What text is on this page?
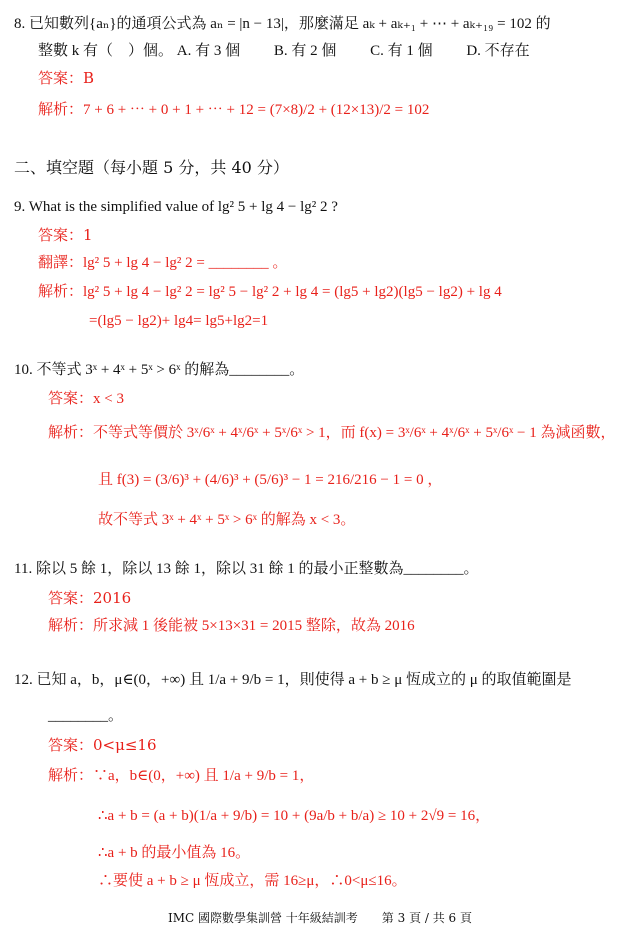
8. 已知數列{aₙ}的通項公式為 aₙ = |n − 13|，那麼滿足 aₖ + aₖ₊₁ + ⋯ + aₖ₊₁₉ = 102 的
整數 k 有（　）個。 A. 有 3 個　　 B. 有 2 個　　 C. 有 1 個　　 D. 不存在
答案：B
解析：7 + 6 + ⋯ + 0 + 1 + ⋯ + 12 = (7×8)/2 + (12×13)/2 = 102
二、填空題（每小題 5 分，共 40 分）
9. What is the simplified value of lg² 5 + lg 4 − lg² 2 ?
答案：1
翻譯：lg² 5 + lg 4 − lg² 2 = ________ 。
解析：lg² 5 + lg 4 − lg² 2 = lg² 5 − lg² 2 + lg 4 = (lg5 + lg2)(lg5 − lg2) + lg 4
=(lg5 − lg2)+ lg4= lg5+lg2=1
10. 不等式 3ˣ + 4ˣ + 5ˣ > 6ˣ 的解為________。
答案：x < 3
解析：不等式等價於 3ˣ/6ˣ + 4ˣ/6ˣ + 5ˣ/6ˣ > 1，而 f(x) = 3ˣ/6ˣ + 4ˣ/6ˣ + 5ˣ/6ˣ − 1 為減函數，
且 f(3) = (3/6)³ + (4/6)³ + (5/6)³ − 1 = 216/216 − 1 = 0 ，
故不等式 3ˣ + 4ˣ + 5ˣ > 6ˣ 的解為 x < 3。
11. 除以 5 餘 1，除以 13 餘 1，除以 31 餘 1 的最小正整數為________。
答案：2016
解析：所求減 1 後能被 5×13×31 = 2015 整除，故為 2016
12. 已知 a，b，μ∈(0，+∞) 且 1/a + 9/b = 1，則使得 a + b ≥ μ 恆成立的 μ 的取值範圍是
________。
答案：0<μ≤16
解析：∵a，b∈(0，+∞) 且 1/a + 9/b = 1，
∴a + b = (a + b)(1/a + 9/b) = 10 + (9a/b + b/a) ≥ 10 + 2√9 = 16，
∴a + b 的最小值為 16。
∴要使 a + b ≥ μ 恆成立，需 16≥μ，∴0<μ≤16。
IMC 國際數學集訓營 十年級結訓考　　第 3 頁 / 共 6 頁
